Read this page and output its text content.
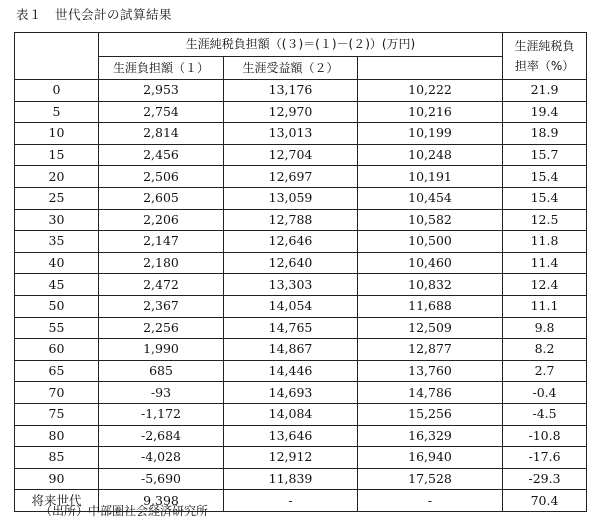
表１　世代会計の試算結果
	生涯純税負担額（(３)＝(１)－(２)）(万円)			生涯純税負
担率（%）

	生涯負担額（１）	生涯受益額（２）		
0	2,953	13,176	10,222	21.9
5	2,754	12,970	10,216	19.4
10	2,814	13,013	10,199	18.9
15	2,456	12,704	10,248	15.7
20	2,506	12,697	10,191	15.4
25	2,605	13,059	10,454	15.4
30	2,206	12,788	10,582	12.5
35	2,147	12,646	10,500	11.8
40	2,180	12,640	10,460	11.4
45	2,472	13,303	10,832	12.4
50	2,367	14,054	11,688	11.1
55	2,256	14,765	12,509	9.8
60	1,990	14,867	12,877	8.2
65	685	14,446	13,760	2.7
70	-93	14,693	14,786	-0.4
75	-1,172	14,084	15,256	-4.5
80	-2,684	13,646	16,329	-10.8
85	-4,028	12,912	16,940	-17.6
90	-5,690	11,839	17,528	-29.3
将来世代	9,398	-	-	70.4
（出所）中部圏社会経済研究所
